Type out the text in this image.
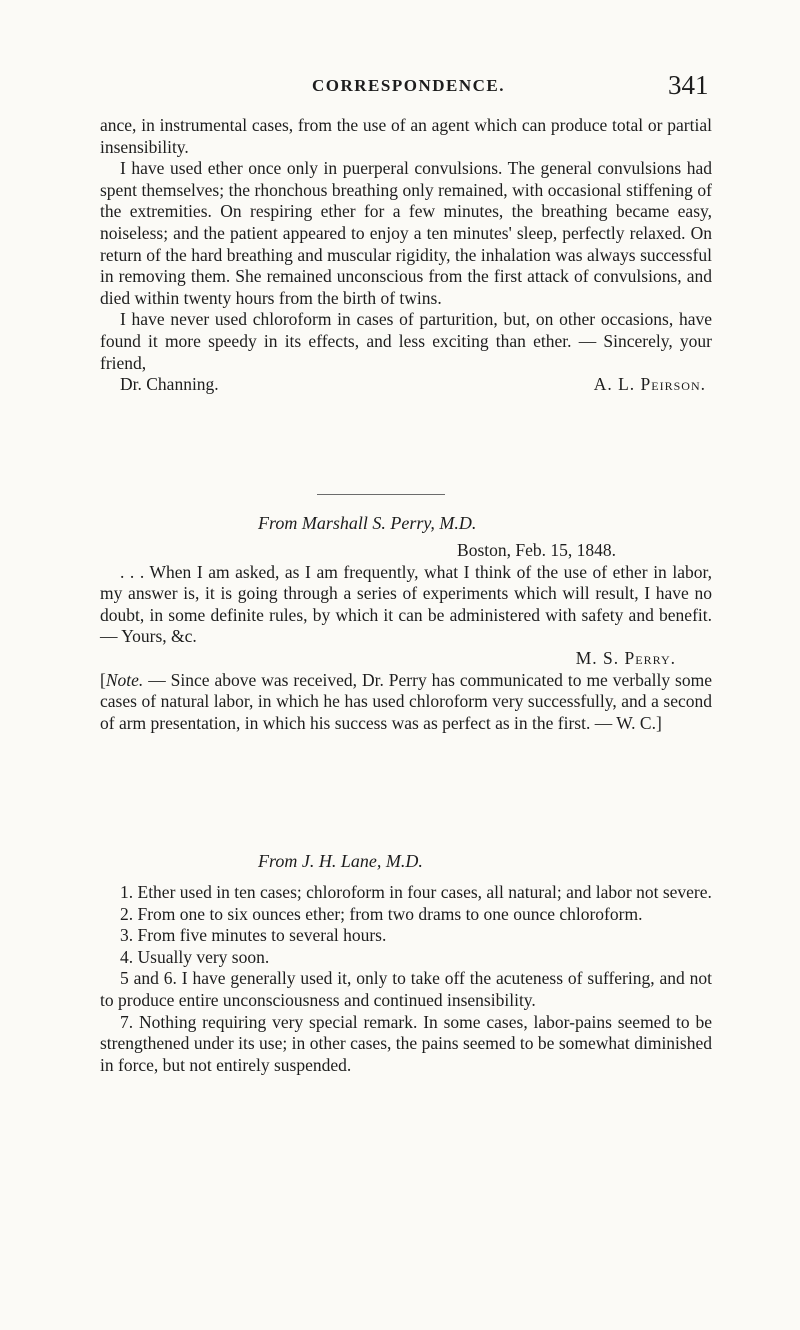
CORRESPONDENCE.	341

ance, in instrumental cases, from the use of an agent which can produce total or partial insensibility.

I have used ether once only in puerperal convulsions. The general convulsions had spent themselves; the rhonchous breathing only remained, with occasional stiffening of the extremities. On respiring ether for a few minutes, the breathing became easy, noiseless; and the patient appeared to enjoy a ten minutes' sleep, perfectly relaxed. On return of the hard breathing and muscular rigidity, the inhalation was always successful in removing them. She remained unconscious from the first attack of convulsions, and died within twenty hours from the birth of twins.

I have never used chloroform in cases of parturition, but, on other occasions, have found it more speedy in its effects, and less exciting than ether. — Sincerely, your friend,

Dr. Channing.	A. L. Peirson.
From Marshall S. Perry, M.D.
Boston, Feb. 15, 1848.

. . . When I am asked, as I am frequently, what I think of the use of ether in labor, my answer is, it is going through a series of experiments which will result, I have no doubt, in some definite rules, by which it can be administered with safety and benefit. — Yours, &c.

M. S. Perry.

[Note. — Since above was received, Dr. Perry has communicated to me verbally some cases of natural labor, in which he has used chloroform very successfully, and a second of arm presentation, in which his success was as perfect as in the first. — W. C.]

From J. H. Lane, M.D.

1. Ether used in ten cases; chloroform in four cases, all natural; and labor not severe.

2. From one to six ounces ether; from two drams to one ounce chloroform.

3. From five minutes to several hours.

4. Usually very soon.

5 and 6. I have generally used it, only to take off the acuteness of suffering, and not to produce entire unconsciousness and continued insensibility.

7. Nothing requiring very special remark. In some cases, labor-pains seemed to be strengthened under its use; in other cases, the pains seemed to be somewhat diminished in force, but not entirely suspended.
